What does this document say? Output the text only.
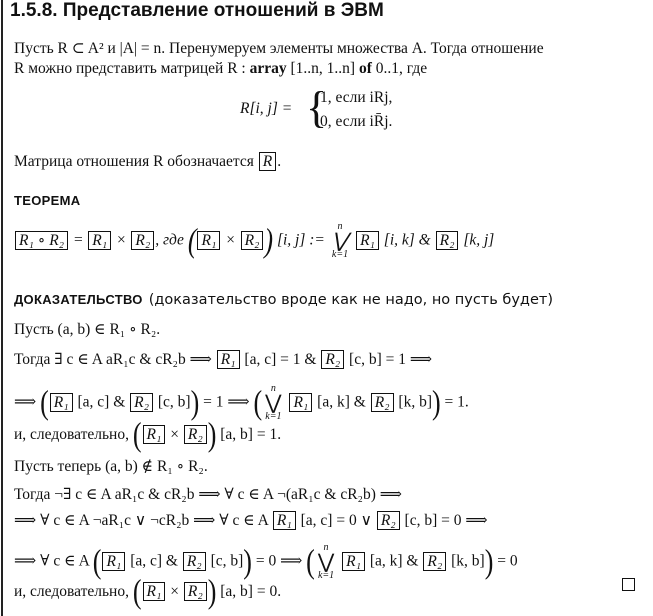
1.5.8. Представление отношений в ЭВМ
Пусть R ⊂ A² и |A| = n. Перенумеруем элементы множества A. Тогда отношение
R можно представить матрицей R : array [1..n, 1..n] of 0..1, где
R[i, j] = {
1, если iRj,
0, если iR̄j.
Матрица отношения R обозначается R .
ТЕОРЕМА
R₁ ∘ R₂ = R₁ × R₂ , где ( R₁ × R₂ ) [i, j] :=
n
⋁
k=1
R₁ [i, k] & R₂ [k, j]
ДОКАЗАТЕЛЬСТВО (доказательство вроде как не надо, но пусть будет)
Пусть (a, b) ∈ R₁ ∘ R₂.
Тогда ∃ c ∈ A aR₁c & cR₂b ⟹ R₁ [a, c] = 1 & R₂ [c, b] = 1 ⟹
⟹ ( R₁ [a, c] & R₂ [c, b]) = 1 ⟹ ( n
⋁
k=1
R₁ [a, k] & R₂ [k, b]) = 1.
и, следовательно, ( R₁ × R₂ ) [a, b] = 1.
Пусть теперь (a, b) ∉ R₁ ∘ R₂.
Тогда ¬∃ c ∈ A aR₁c & cR₂b ⟹ ∀ c ∈ A ¬(aR₁c & cR₂b) ⟹
⟹ ∀ c ∈ A ¬aR₁c ∨ ¬cR₂b ⟹ ∀ c ∈ A R₁ [a, c] = 0 ∨ R₂ [c, b] = 0 ⟹
⟹ ∀ c ∈ A ( R₁ [a, c] & R₂ [c, b]) = 0 ⟹ ( n
⋁
k=1
R₁ [a, k] & R₂ [k, b]) = 0
и, следовательно, ( R₁ × R₂ ) [a, b] = 0.
